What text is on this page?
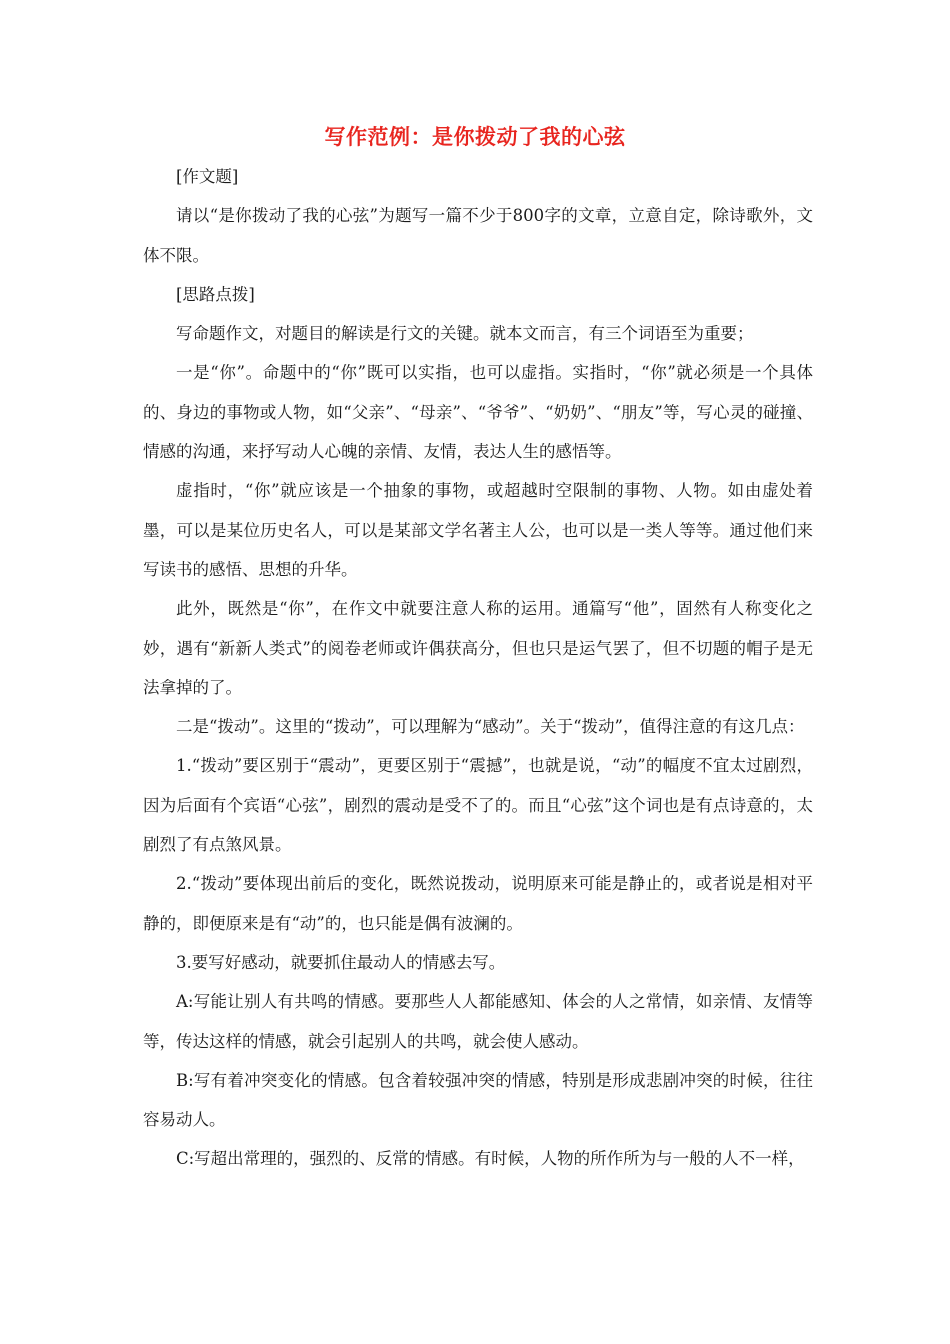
写作范例：是你拨动了我的心弦

[作文题]

请以“是你拨动了我的心弦”为题写一篇不少于800字的文章，立意自定，除诗歌外，文体不限。

[思路点拨]

写命题作文，对题目的解读是行文的关键。就本文而言，有三个词语至为重要；

一是“你”。命题中的“你”既可以实指，也可以虚指。实指时，“你”就必须是一个具体的、身边的事物或人物，如“父亲”、“母亲”、“爷爷”、“奶奶”、“朋友”等，写心灵的碰撞、情感的沟通，来抒写动人心魄的亲情、友情，表达人生的感悟等。

虚指时，“你”就应该是一个抽象的事物，或超越时空限制的事物、人物。如由虚处着墨，可以是某位历史名人，可以是某部文学名著主人公，也可以是一类人等等。通过他们来写读书的感悟、思想的升华。

此外，既然是“你”，在作文中就要注意人称的运用。通篇写“他”，固然有人称变化之妙，遇有“新新人类式”的阅卷老师或许偶获高分，但也只是运气罢了，但不切题的帽子是无法拿掉的了。

二是“拨动”。这里的“拨动”，可以理解为“感动”。关于“拨动”，值得注意的有这几点：

1.“拨动”要区别于“震动”，更要区别于“震撼”，也就是说，“动”的幅度不宜太过剧烈，因为后面有个宾语“心弦”，剧烈的震动是受不了的。而且“心弦”这个词也是有点诗意的，太剧烈了有点煞风景。

2.“拨动”要体现出前后的变化，既然说拨动，说明原来可能是静止的，或者说是相对平静的，即便原来是有“动”的，也只能是偶有波澜的。

3.要写好感动，就要抓住最动人的情感去写。

A:写能让别人有共鸣的情感。要那些人人都能感知、体会的人之常情，如亲情、友情等等，传达这样的情感，就会引起别人的共鸣，就会使人感动。

B:写有着冲突变化的情感。包含着较强冲突的情感，特别是形成悲剧冲突的时候，往往容易动人。

C:写超出常理的，强烈的、反常的情感。有时候，人物的所作所为与一般的人不一样，
